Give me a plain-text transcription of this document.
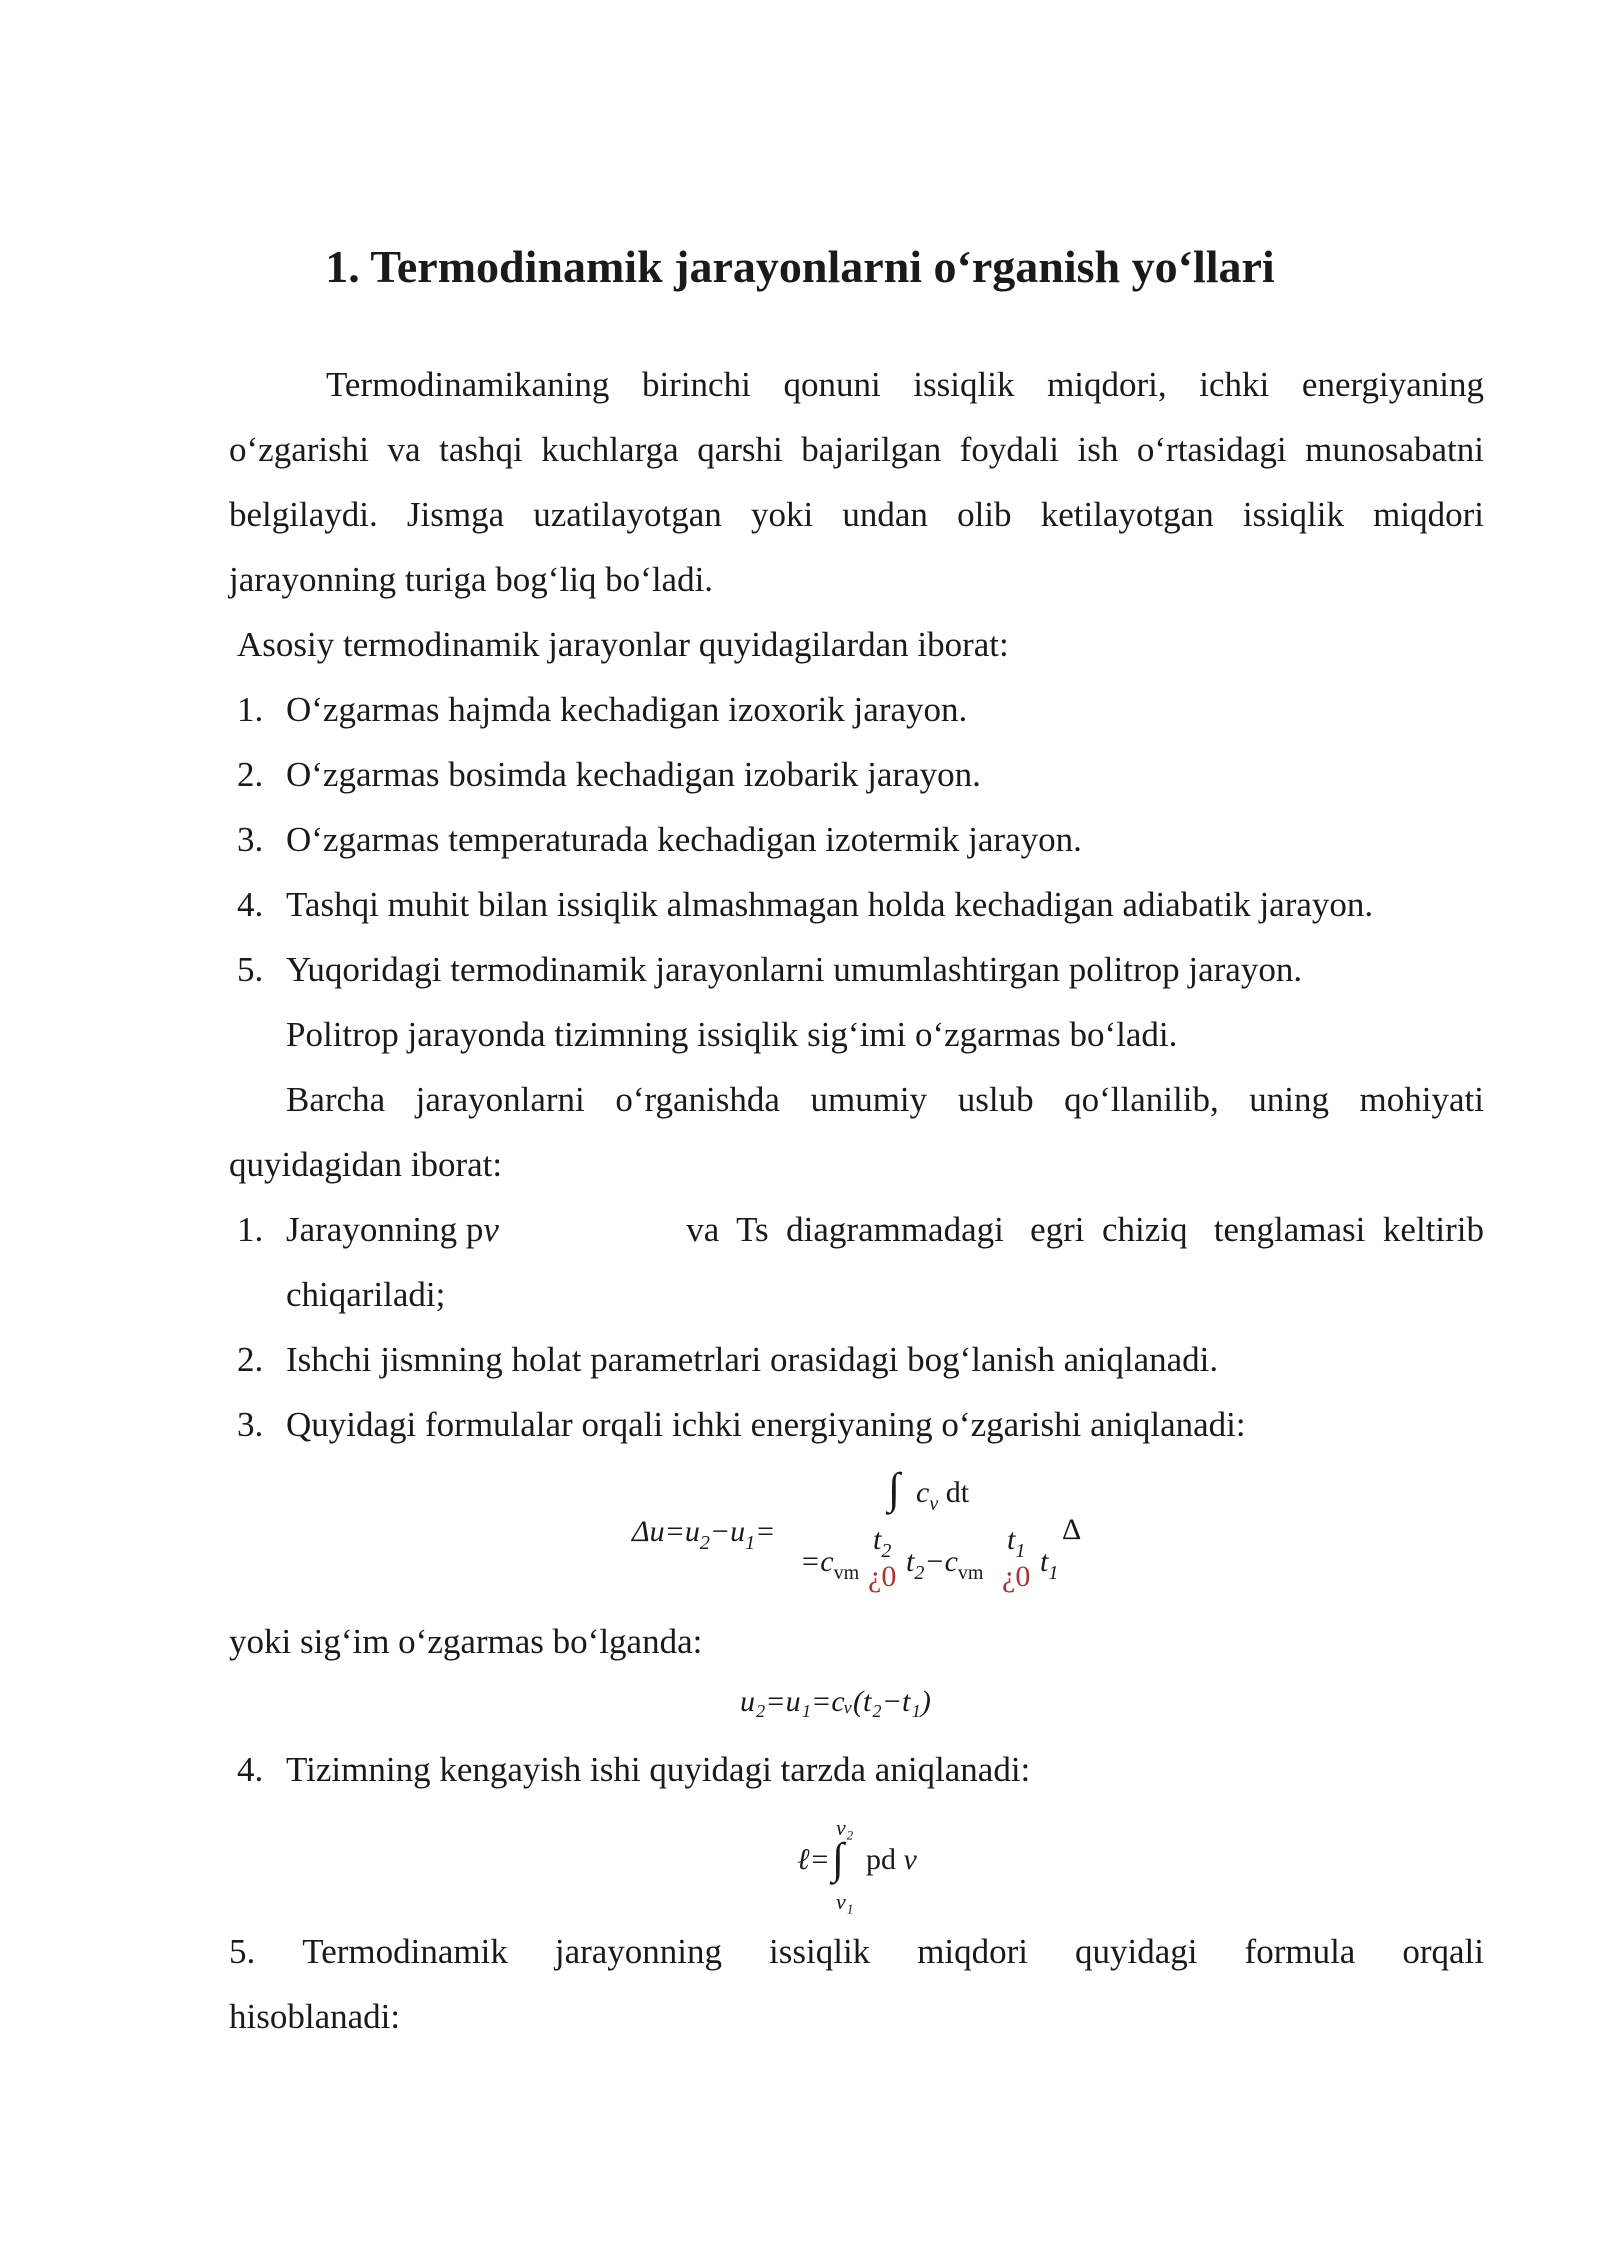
1. Termodinamik jarayonlarni o‘rganish yo‘llari
Termodinamikaning birinchi qonuni issiqlik miqdori, ichki energiyaning
o‘zgarishi va tashqi kuchlarga qarshi bajarilgan foydali ish o‘rtasidagi munosabatni
belgilaydi. Jismga uzatilayotgan yoki undan olib ketilayotgan issiqlik miqdori
jarayonning turiga bog‘liq bo‘ladi.
Asosiy termodinamik jarayonlar quyidagilardan iborat:
1. O‘zgarmas hajmda kechadigan izoxorik jarayon.
2. O‘zgarmas bosimda kechadigan izobarik jarayon.
3. O‘zgarmas temperaturada kechadigan izotermik jarayon.
4. Tashqi muhit bilan issiqlik almashmagan holda kechadigan adiabatik jarayon.
5. Yuqoridagi termodinamik jarayonlarni umumlashtirgan politrop jarayon.
Politrop jarayonda tizimning issiqlik sig‘imi o‘zgarmas bo‘ladi.
Barcha jarayonlarni o‘rganishda umumiy uslub qo‘llanilib, uning mohiyati
quyidagidan iborat:
1. Jarayonning pv	va  Ts  diagrammadagi   egri  chiziq   tenglamasi  keltirib
chiqariladi;
2. Ishchi jismning holat parametrlari orasidagi bog‘lanish aniqlanadi.
3. Quyidagi formulalar orqali ichki energiyaning o‘zgarishi aniqlanadi:
∫ $c_v$ dt
$\Delta u=u_2-u_1=$
$=c_{vm}$
$t_2$
¿0 $t_2-c_{vm}$
$t_1$
¿0 $t_1$
Δ
yoki sig‘im o‘zgarmas bo‘lganda:
u₂=u₁=cᵥ(t₂−t₁)
4. Tizimning kengayish ishi quyidagi tarzda aniqlanadi:
v₂
ℓ= ∫ pd v
v₁
5. Termodinamik jarayonning issiqlik miqdori quyidagi formula orqali
hisoblanadi:
